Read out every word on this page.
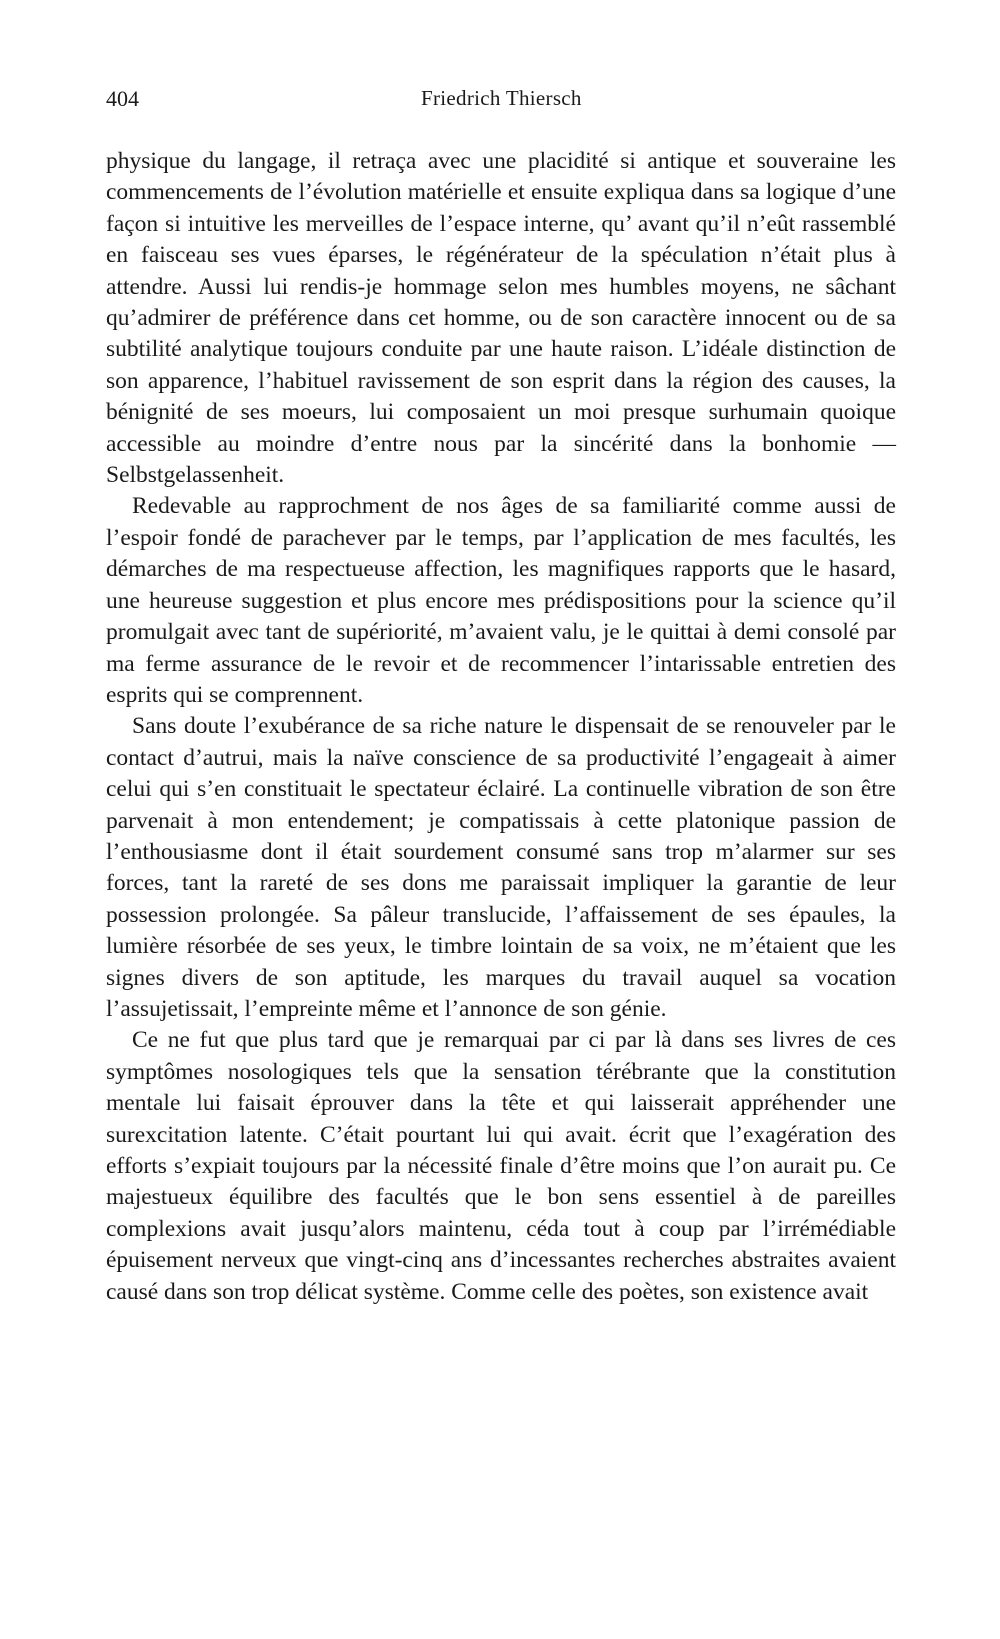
404	Friedrich Thiersch

physique du langage, il retraça avec une placidité si antique et souveraine les commencements de l’évolution matérielle et ensuite expliqua dans sa logique d’une façon si intuitive les merveilles de l’espace interne, qu’ avant qu’il n’eût rassemblé en faisceau ses vues éparses, le régénérateur de la spéculation n’était plus à attendre. Aussi lui rendis-je hommage selon mes humbles moyens, ne sâchant qu’admirer de préférence dans cet homme, ou de son caractère innocent ou de sa subtilité analytique toujours conduite par une haute raison. L’idéale distinction de son apparence, l’habituel ravissement de son esprit dans la région des causes, la bénignité de ses moeurs, lui composaient un moi presque surhumain quoique accessible au moindre d’entre nous par la sincérité dans la bonhomie — Selbstgelassenheit.

Redevable au rapprochment de nos âges de sa familiarité comme aussi de l’espoir fondé de parachever par le temps, par l’application de mes facultés, les démarches de ma respectueuse affection, les magnifiques rapports que le hasard, une heureuse suggestion et plus encore mes prédispositions pour la science qu’il promulgait avec tant de supériorité, m’avaient valu, je le quittai à demi consolé par ma ferme assurance de le revoir et de recommencer l’intarissable entretien des esprits qui se comprennent.

Sans doute l’exubérance de sa riche nature le dispensait de se renouveler par le contact d’autrui, mais la naïve conscience de sa productivité l’engageait à aimer celui qui s’en constituait le spectateur éclairé. La continuelle vibration de son être parvenait à mon entendement; je compatissais à cette platonique passion de l’enthousiasme dont il était sourdement consumé sans trop m’alarmer sur ses forces, tant la rareté de ses dons me paraissait impliquer la garantie de leur possession prolongée. Sa pâleur translucide, l’affaissement de ses épaules, la lumière résorbée de ses yeux, le timbre lointain de sa voix, ne m’étaient que les signes divers de son aptitude, les marques du travail auquel sa vocation l’assujetissait, l’empreinte même et l’annonce de son génie.

Ce ne fut que plus tard que je remarquai par ci par là dans ses livres de ces symptômes nosologiques tels que la sensation térébrante que la constitution mentale lui faisait éprouver dans la tête et qui laisserait appréhender une surexcitation latente. C’était pourtant lui qui avait. écrit que l’exagération des efforts s’expiait toujours par la nécessité finale d’être moins que l’on aurait pu. Ce majestueux équilibre des facultés que le bon sens essentiel à de pareilles complexions avait jusqu’alors maintenu, céda tout à coup par l’irrémédiable épuisement nerveux que vingt-cinq ans d’incessantes recherches abstraites avaient causé dans son trop délicat système. Comme celle des poètes, son existence avait
